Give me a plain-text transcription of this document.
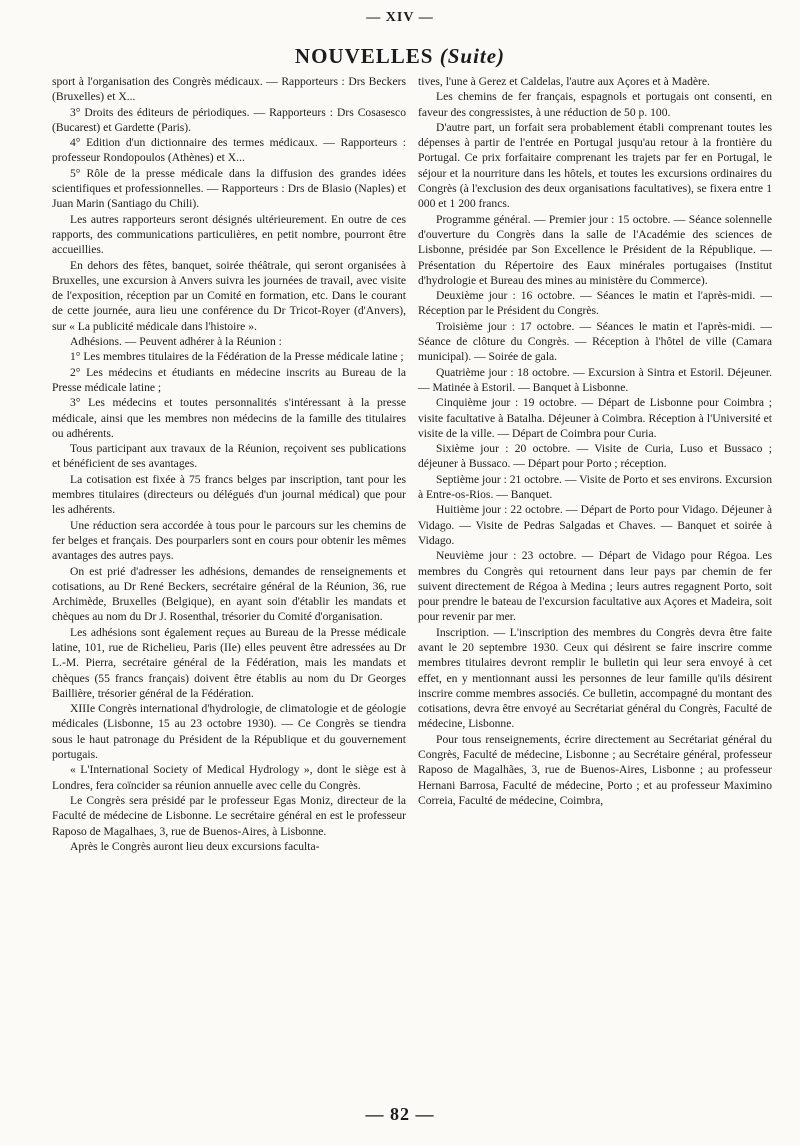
— XIV —
NOUVELLES (Suite)

sport à l'organisation des Congrès médicaux. — Rapporteurs : Drs Beckers (Bruxelles) et X...

3° Droits des éditeurs de périodiques. — Rapporteurs : Drs Cosasesco (Bucarest) et Gardette (Paris).

4° Edition d'un dictionnaire des termes médicaux. — Rapporteurs : professeur Rondopoulos (Athènes) et X...

5° Rôle de la presse médicale dans la diffusion des grandes idées scientifiques et professionnelles. — Rapporteurs : Drs de Blasio (Naples) et Juan Marin (Santiago du Chili).

Les autres rapporteurs seront désignés ultérieurement. En outre de ces rapports, des communications particulières, en petit nombre, pourront être accueillies.

En dehors des fêtes, banquet, soirée théâtrale, qui seront organisées à Bruxelles, une excursion à Anvers suivra les journées de travail, avec visite de l'exposition, réception par un Comité en formation, etc. Dans le courant de cette journée, aura lieu une conférence du Dr Tricot-Royer (d'Anvers), sur « La publicité médicale dans l'histoire ».

Adhésions. — Peuvent adhérer à la Réunion :

1° Les membres titulaires de la Fédération de la Presse médicale latine ;

2° Les médecins et étudiants en médecine inscrits au Bureau de la Presse médicale latine ;

3° Les médecins et toutes personnalités s'intéressant à la presse médicale, ainsi que les membres non médecins de la famille des titulaires ou adhérents.

Tous participant aux travaux de la Réunion, reçoivent ses publications et bénéficient de ses avantages.

La cotisation est fixée à 75 francs belges par inscription, tant pour les membres titulaires (directeurs ou délégués d'un journal médical) que pour les adhérents.

Une réduction sera accordée à tous pour le parcours sur les chemins de fer belges et français. Des pourparlers sont en cours pour obtenir les mêmes avantages des autres pays.

On est prié d'adresser les adhésions, demandes de renseignements et cotisations, au Dr René Beckers, secrétaire général de la Réunion, 36, rue Archimède, Bruxelles (Belgique), en ayant soin d'établir les mandats et chèques au nom du Dr J. Rosenthal, trésorier du Comité d'organisation.

Les adhésions sont également reçues au Bureau de la Presse médicale latine, 101, rue de Richelieu, Paris (IIe) elles peuvent être adressées au Dr L.-M. Pierra, secrétaire général de la Fédération, mais les mandats et chèques (55 francs français) doivent être établis au nom du Dr Georges Baillière, trésorier général de la Fédération.

XIIIe Congrès international d'hydrologie, de climatologie et de géologie médicales (Lisbonne, 15 au 23 octobre 1930). — Ce Congrès se tiendra sous le haut patronage du Président de la République et du gouvernement portugais.

« L'International Society of Medical Hydrology », dont le siège est à Londres, fera coïncider sa réunion annuelle avec celle du Congrès.

Le Congrès sera présidé par le professeur Egas Moniz, directeur de la Faculté de médecine de Lisbonne. Le secrétaire général en est le professeur Raposo de Magalhaes, 3, rue de Buenos-Aires, à Lisbonne.

Après le Congrès auront lieu deux excursions faculta-

tives, l'une à Gerez et Caldelas, l'autre aux Açores et à Madère.

Les chemins de fer français, espagnols et portugais ont consenti, en faveur des congressistes, à une réduction de 50 p. 100.

D'autre part, un forfait sera probablement établi comprenant toutes les dépenses à partir de l'entrée en Portugal jusqu'au retour à la frontière du Portugal. Ce prix forfaitaire comprenant les trajets par fer en Portugal, le séjour et la nourriture dans les hôtels, et toutes les excursions ordinaires du Congrès (à l'exclusion des deux organisations facultatives), se fixera entre 1 000 et 1 200 francs.

Programme général. — Premier jour : 15 octobre. — Séance solennelle d'ouverture du Congrès dans la salle de l'Académie des sciences de Lisbonne, présidée par Son Excellence le Président de la République. — Présentation du Répertoire des Eaux minérales portugaises (Institut d'hydrologie et Bureau des mines au ministère du Commerce).

Deuxième jour : 16 octobre. — Séances le matin et l'après-midi. — Réception par le Président du Congrès.

Troisième jour : 17 octobre. — Séances le matin et l'après-midi. — Séance de clôture du Congrès. — Réception à l'hôtel de ville (Camara municipal). — Soirée de gala.

Quatrième jour : 18 octobre. — Excursion à Sintra et Estoril. Déjeuner. — Matinée à Estoril. — Banquet à Lisbonne.

Cinquième jour : 19 octobre. — Départ de Lisbonne pour Coimbra ; visite facultative à Batalha. Déjeuner à Coimbra. Réception à l'Université et visite de la ville. — Départ de Coimbra pour Curia.

Sixième jour : 20 octobre. — Visite de Curia, Luso et Bussaco ; déjeuner à Bussaco. — Départ pour Porto ; réception.

Septième jour : 21 octobre. — Visite de Porto et ses environs. Excursion à Entre-os-Rios. — Banquet.

Huitième jour : 22 octobre. — Départ de Porto pour Vidago. Déjeuner à Vidago. — Visite de Pedras Salgadas et Chaves. — Banquet et soirée à Vidago.

Neuvième jour : 23 octobre. — Départ de Vidago pour Régoa. Les membres du Congrès qui retournent dans leur pays par chemin de fer suivent directement de Régoa à Medina ; leurs autres regagnent Porto, soit pour prendre le bateau de l'excursion facultative aux Açores et Madeira, soit pour revenir par mer.

Inscription. — L'inscription des membres du Congrès devra être faite avant le 20 septembre 1930. Ceux qui désirent se faire inscrire comme membres titulaires devront remplir le bulletin qui leur sera envoyé à cet effet, en y mentionnant aussi les personnes de leur famille qu'ils désirent inscrire comme membres associés. Ce bulletin, accompagné du montant des cotisations, devra être envoyé au Secrétariat général du Congrès, Faculté de médecine, Lisbonne.

Pour tous renseignements, écrire directement au Secrétariat général du Congrès, Faculté de médecine, Lisbonne ; au Secrétaire général, professeur Raposo de Magalhães, 3, rue de Buenos-Aires, Lisbonne ; au professeur Hernani Barrosa, Faculté de médecine, Porto ; et au professeur Maximino Correia, Faculté de médecine, Coimbra,

— 82 —
